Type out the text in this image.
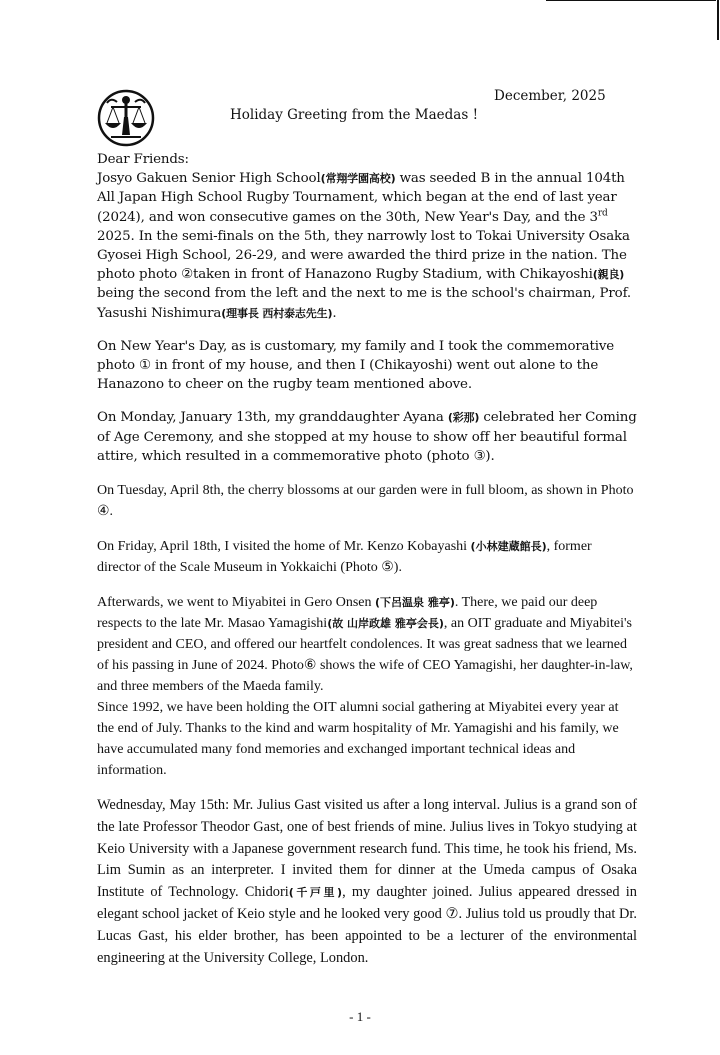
December, 2025
Holiday Greeting from the Maedas !

Dear Friends:

Josyo Gakuen Senior High School(常翔学園高校) was seeded B in the annual 104th All Japan High School Rugby Tournament, which began at the end of last year (2024), and won consecutive games on the 30th, New Year's Day, and the 3rd 2025. In the semi-finals on the 5th, they narrowly lost to Tokai University Osaka Gyosei High School, 26-29, and were awarded the third prize in the nation. The photo photo ②taken in front of Hanazono Rugby Stadium, with Chikayoshi(親良) being the second from the left and the next to me is the school's chairman, Prof. Yasushi Nishimura(理事長 西村泰志先生).

On New Year's Day, as is customary, my family and I took the commemorative photo ① in front of my house, and then I (Chikayoshi) went out alone to the Hanazono to cheer on the rugby team mentioned above.

On Monday, January 13th, my granddaughter Ayana (彩那) celebrated her Coming of Age Ceremony, and she stopped at my house to show off her beautiful formal attire, which resulted in a commemorative photo (photo ③).

On Tuesday, April 8th, the cherry blossoms at our garden were in full bloom, as shown in Photo ④.

On Friday, April 18th, I visited the home of Mr. Kenzo Kobayashi (小林建蔵館長), former director of the Scale Museum in Yokkaichi (Photo ⑤).

Afterwards, we went to Miyabitei in Gero Onsen (下呂温泉 雅亭). There, we paid our deep respects to the late Mr. Masao Yamagishi(故 山岸政雄 雅亭会長), an OIT graduate and Miyabitei's president and CEO, and offered our heartfelt condolences. It was great sadness that we learned of his passing in June of 2024. Photo⑥ shows the wife of CEO Yamagishi, her daughter-in-law, and three members of the Maeda family.

Since 1992, we have been holding the OIT alumni social gathering at Miyabitei every year at the end of July. Thanks to the kind and warm hospitality of Mr. Yamagishi and his family, we have accumulated many fond memories and exchanged important technical ideas and information.

Wednesday, May 15th: Mr. Julius Gast visited us after a long interval. Julius is a grand son of the late Professor Theodor Gast, one of best friends of mine. Julius lives in Tokyo studying at Keio University with a Japanese government research fund. This time, he took his friend, Ms. Lim Sumin as an interpreter. I invited them for dinner at the Umeda campus of Osaka Institute of Technology. Chidori(千戸里), my daughter joined. Julius appeared dressed in elegant school jacket of Keio style and he looked very good ⑦. Julius told us proudly that Dr. Lucas Gast, his elder brother, has been appointed to be a lecturer of the environmental engineering at the University College, London.

- 1 -
